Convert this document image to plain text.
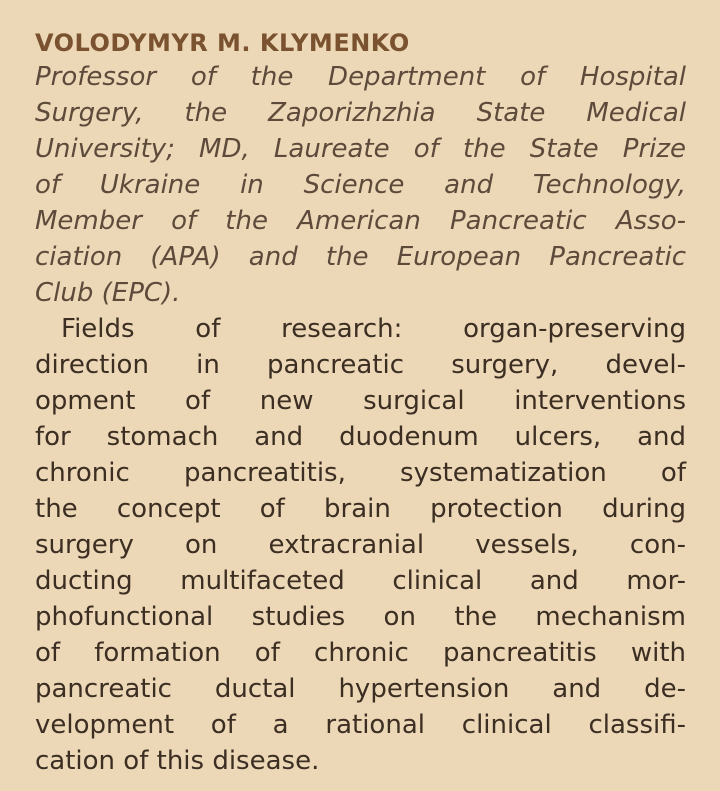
VOLODYMYR M. KLYMENKO
Professor of the Department of Hospital
Surgery, the Zaporizhzhia State Medical
University; MD, Laureate of the State Prize
of Ukraine in Science and Technology,
Member of the American Pancreatic Asso-
ciation (APA) and the European Pancreatic
Club (EPC).
Fields of research: organ-preserving
direction in pancreatic surgery, devel-
opment of new surgical interventions
for stomach and duodenum ulcers, and
chronic pancreatitis, systematization of
the concept of brain protection during
surgery on extracranial vessels, con-
ducting multifaceted clinical and mor-
phofunctional studies on the mechanism
of formation of chronic pancreatitis with
pancreatic ductal hypertension and de-
velopment of a rational clinical classifi-
cation of this disease.
